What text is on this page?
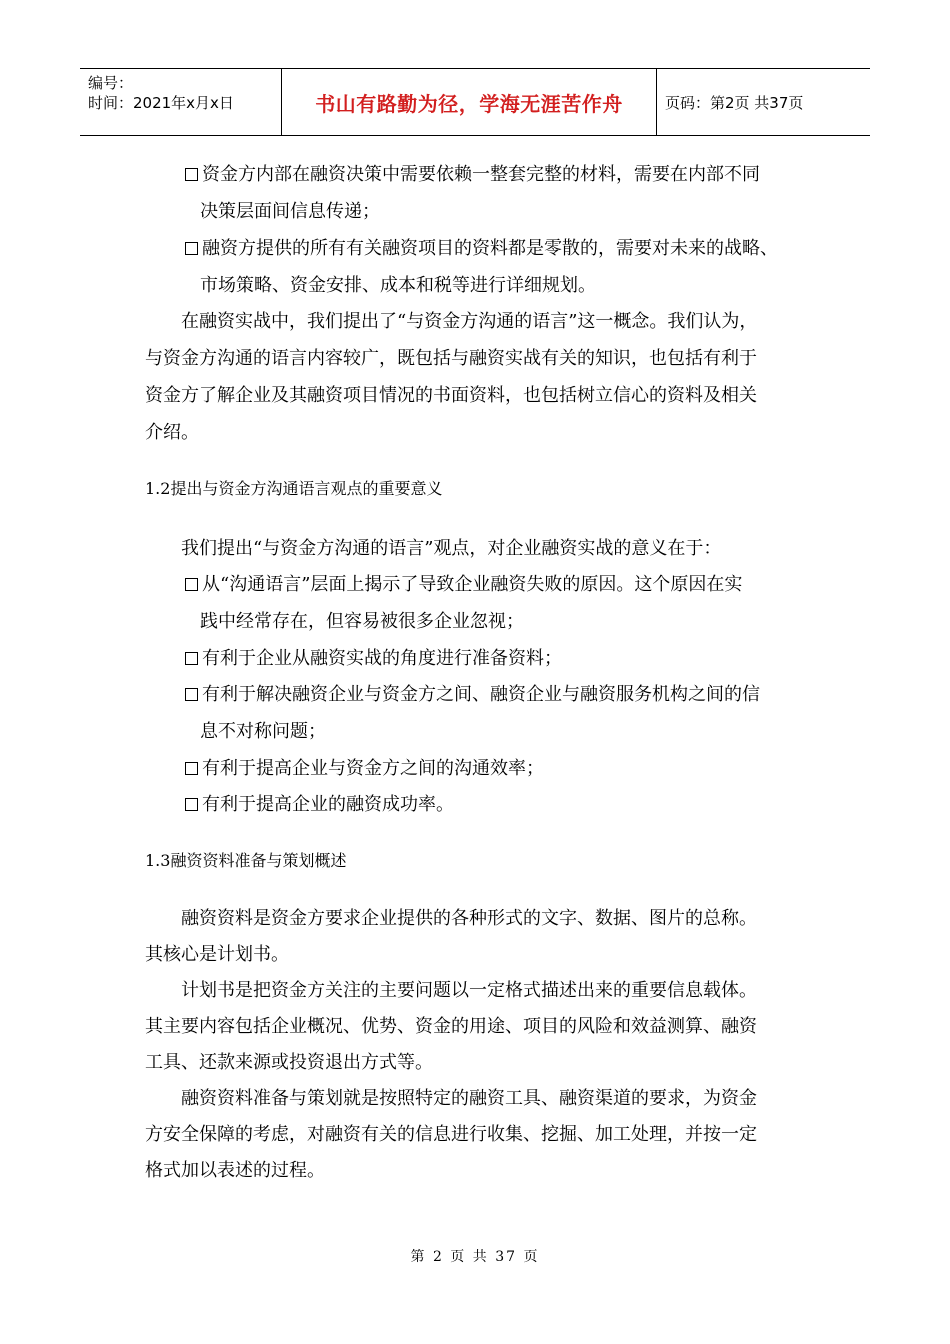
编号：
时间：2021年x月x日	书山有路勤为径，学海无涯苦作舟	页码：第2页 共37页
资金方内部在融资决策中需要依赖一整套完整的材料，需要在内部不同
决策层面间信息传递；
融资方提供的所有有关融资项目的资料都是零散的，需要对未来的战略、
市场策略、资金安排、成本和税等进行详细规划。
在融资实战中，我们提出了“与资金方沟通的语言”这一概念。我们认为，
与资金方沟通的语言内容较广，既包括与融资实战有关的知识，也包括有利于
资金方了解企业及其融资项目情况的书面资料，也包括树立信心的资料及相关
介绍。
1.2提出与资金方沟通语言观点的重要意义
我们提出“与资金方沟通的语言”观点，对企业融资实战的意义在于：
从“沟通语言”层面上揭示了导致企业融资失败的原因。这个原因在实
践中经常存在，但容易被很多企业忽视；
有利于企业从融资实战的角度进行准备资料；
有利于解决融资企业与资金方之间、融资企业与融资服务机构之间的信
息不对称问题；
有利于提高企业与资金方之间的沟通效率；
有利于提高企业的融资成功率。
1.3融资资料准备与策划概述
融资资料是资金方要求企业提供的各种形式的文字、数据、图片的总称。
其核心是计划书。
计划书是把资金方关注的主要问题以一定格式描述出来的重要信息载体。
其主要内容包括企业概况、优势、资金的用途、项目的风险和效益测算、融资
工具、还款来源或投资退出方式等。
融资资料准备与策划就是按照特定的融资工具、融资渠道的要求，为资金
方安全保障的考虑，对融资有关的信息进行收集、挖掘、加工处理，并按一定
格式加以表述的过程。
第 2 页 共 37 页
